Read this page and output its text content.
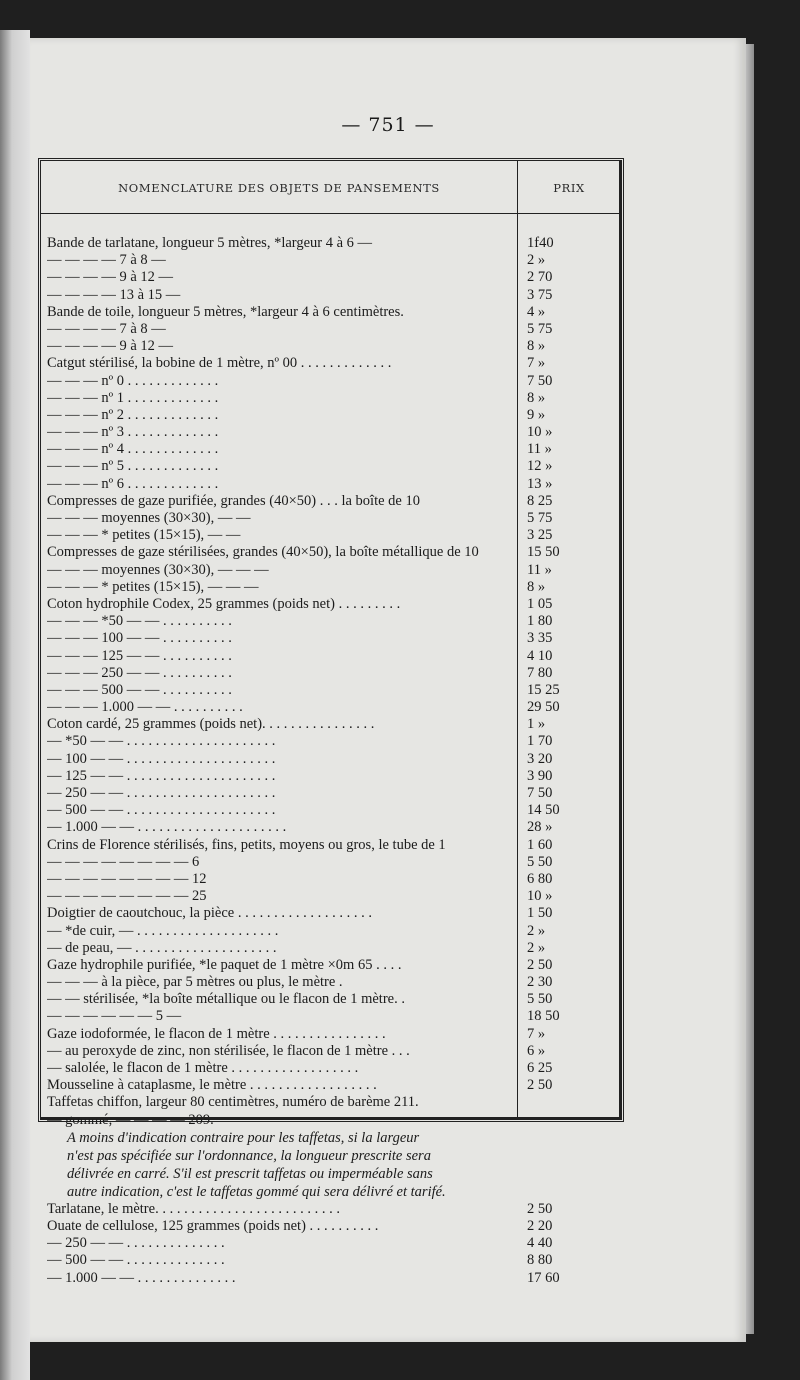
— 751 —
NOMENCLATURE DES OBJETS DE PANSEMENTS	PRIX
Bande de tarlatane, longueur 5 mètres, *largeur 4 à 6 —	1f40
— — — — 7 à 8 —	2 »
— — — — 9 à 12 —	2 70
— — — — 13 à 15 —	3 75
Bande de toile, longueur 5 mètres, *largeur 4 à 6 centimètres.	4 »
— — — — 7 à 8 —	5 75
— — — — 9 à 12 —	8 »
Catgut stérilisé, la bobine de 1 mètre, nº 00 . . . . . . . . . . . . .	7 »
— — — nº 0 . . . . . . . . . . . . .	7 50
— — — nº 1 . . . . . . . . . . . . .	8 »
— — — nº 2 . . . . . . . . . . . . .	9 »
— — — nº 3 . . . . . . . . . . . . .	10 »
— — — nº 4 . . . . . . . . . . . . .	11 »
— — — nº 5 . . . . . . . . . . . . .	12 »
— — — nº 6 . . . . . . . . . . . . .	13 »
Compresses de gaze purifiée, grandes (40×50) . . . la boîte de 10	8 25
— — — moyennes (30×30), — —	5 75
— — — * petites (15×15), — —	3 25
Compresses de gaze stérilisées, grandes (40×50), la boîte métallique de 10	15 50
— — — moyennes (30×30), — — —	11 »
— — — * petites (15×15), — — —	8 »
Coton hydrophile Codex, 25 grammes (poids net) . . . . . . . . .	1 05
— — — *50 — — . . . . . . . . . .	1 80
— — — 100 — — . . . . . . . . . .	3 35
— — — 125 — — . . . . . . . . . .	4 10
— — — 250 — — . . . . . . . . . .	7 80
— — — 500 — — . . . . . . . . . .	15 25
— — — 1.000 — — . . . . . . . . . .	29 50
Coton cardé, 25 grammes (poids net). . . . . . . . . . . . . . . .	1 »
— *50 — — . . . . . . . . . . . . . . . . . . . . .	1 70
— 100 — — . . . . . . . . . . . . . . . . . . . . .	3 20
— 125 — — . . . . . . . . . . . . . . . . . . . . .	3 90
— 250 — — . . . . . . . . . . . . . . . . . . . . .	7 50
— 500 — — . . . . . . . . . . . . . . . . . . . . .	14 50
— 1.000 — — . . . . . . . . . . . . . . . . . . . . .	28 »
Crins de Florence stérilisés, fins, petits, moyens ou gros, le tube de 1	1 60
— — — — — — — — 6	5 50
— — — — — — — — 12	6 80
— — — — — — — — 25	10 »
Doigtier de caoutchouc, la pièce . . . . . . . . . . . . . . . . . . .	1 50
— *de cuir, — . . . . . . . . . . . . . . . . . . . .	2 »
— de peau, — . . . . . . . . . . . . . . . . . . . .	2 »
Gaze hydrophile purifiée, *le paquet de 1 mètre ×0m 65 . . . .	2 50
— — — à la pièce, par 5 mètres ou plus, le mètre .	2 30
— — stérilisée, *la boîte métallique ou le flacon de 1 mètre. .	5 50
— — — — — — 5 —	18 50
Gaze iodoformée, le flacon de 1 mètre . . . . . . . . . . . . . . . .	7 »
— au peroxyde de zinc, non stérilisée, le flacon de 1 mètre . . .	6 »
— salolée, le flacon de 1 mètre . . . . . . . . . . . . . . . . . .	6 25
Mousseline à cataplasme, le mètre . . . . . . . . . . . . . . . . . .	2 50
Taffetas chiffon, largeur 80 centimètres, numéro de barème 211.
— gommé, — — — — 209.
A moins d'indication contraire pour les taffetas, si la largeur
n'est pas spécifiée sur l'ordonnance, la longueur prescrite sera
délivrée en carré. S'il est prescrit taffetas ou imperméable sans
autre indication, c'est le taffetas gommé qui sera délivré et tarifé.
Tarlatane, le mètre. . . . . . . . . . . . . . . . . . . . . . . . . .	2 50
Ouate de cellulose, 125 grammes (poids net) . . . . . . . . . .	2 20
— 250 — — . . . . . . . . . . . . . .	4 40
— 500 — — . . . . . . . . . . . . . .	8 80
— 1.000 — — . . . . . . . . . . . . . .	17 60
